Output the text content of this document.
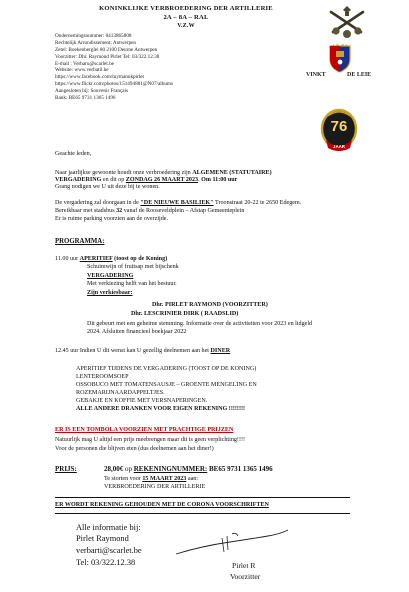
KONINKLIJKE VERBROEDERING DER ARTILLERIE
2A – 8A – RAL
V.Z.W
Ondernemingsnummer: 0413865808
Rechtelijk Arrondissement: Antwerpen
Zetel: Boekenberglei 80 2100 Deurne Antwerpen
Voorzitter: Dhr. Raymond Pirlet Tel: 03/322.12.38
E-mail : Verbaru@scarlet.be
Website: www.verbatil.be
https://www.facebook.com/mymanukpirlet
https://www.flickr.com/photos/151494881@N07/albums
Aangesloten bij: Souvenir Français
Bank: BE65 9731 1365 1496
VINKT	DE LEIE
76
JAAR
Geachte leden,
Naar jaarlijkse gewoonte houdt onze verbroedering zijn ALGEMENE (STATUTAIRE)
VERGADERING en dit op ZONDAG 26 MAART 2023. Om 11:00 uur
Grang nodigen we U uit deze bij te wonen.
De vergadering zal doorgaan in de "DE NIEUWE BASILIEK" Troonstraat 20-22 te 2650 Edegem.
Bereikbaar met stadsbus 32 vanaf de Rooseveldplein – Afstap Gemeenteplein
Er is ruime parking voorzien aan de overzijde.
PROGRAMMA:
11.00 uur APERITIEF (toost op de Koning)
Schuimwijn of fruitsap met bijschenk
VERGADERING
Met verkiezing helft van het bestuur.
Zijn verkiesbaar:
Dhr. PIRLET RAYMOND (VOORZITTER)
Dhr. LESCRINIER DIRK ( RAADSLID)
Dit gebeurt met een geheime stemming. Informatie over de activiteiten voor 2023 en lidgeld
2024. Afsluiten financieel boekjaar 2022
12.45 uur Indien U dit wenst kan U gezellig deelnemen aan het DINER
APERITIEF TIJDENS DE VERGADERING (TOOST OP DE KONING)
LENTEROOMSOEP
OSSOBUCO MET TOMATENSAUSJE – GROENTE MENGELING EN
ROZEMARIJNAARDAPPELTJES.
GEBAKJE EN KOFFIE MET VERSNAPERINGEN.
ALLE ANDERE DRANKEN VOOR EIGEN REKENING !!!!!!!!
ER IS EEN TOMBOLA VOORZIEN MET PRACHTIGE PRIJZEN
Natuurlijk mag U altijd een prijs meebrengen maar dit is geen verplichting!!!!
Voor de personen die blijven eten (dus deelnemen aan het diner!)
PRIJS:	28,00€ op REKENINGNUMMER: BE65 9731 1365 1496
Te storten voor 15 MAART 2023 aan:
VERBROEDERING DER ARTILLERIE
ER WORDT REKENING GEHOUDEN MET DE CORONA VOORSCHRIFTEN
Alle informatie bij:
Pirlet Raymond
verbarti@scarlet.be
Tel: 03/322.12.38	Pirlet R
Voorzitter
